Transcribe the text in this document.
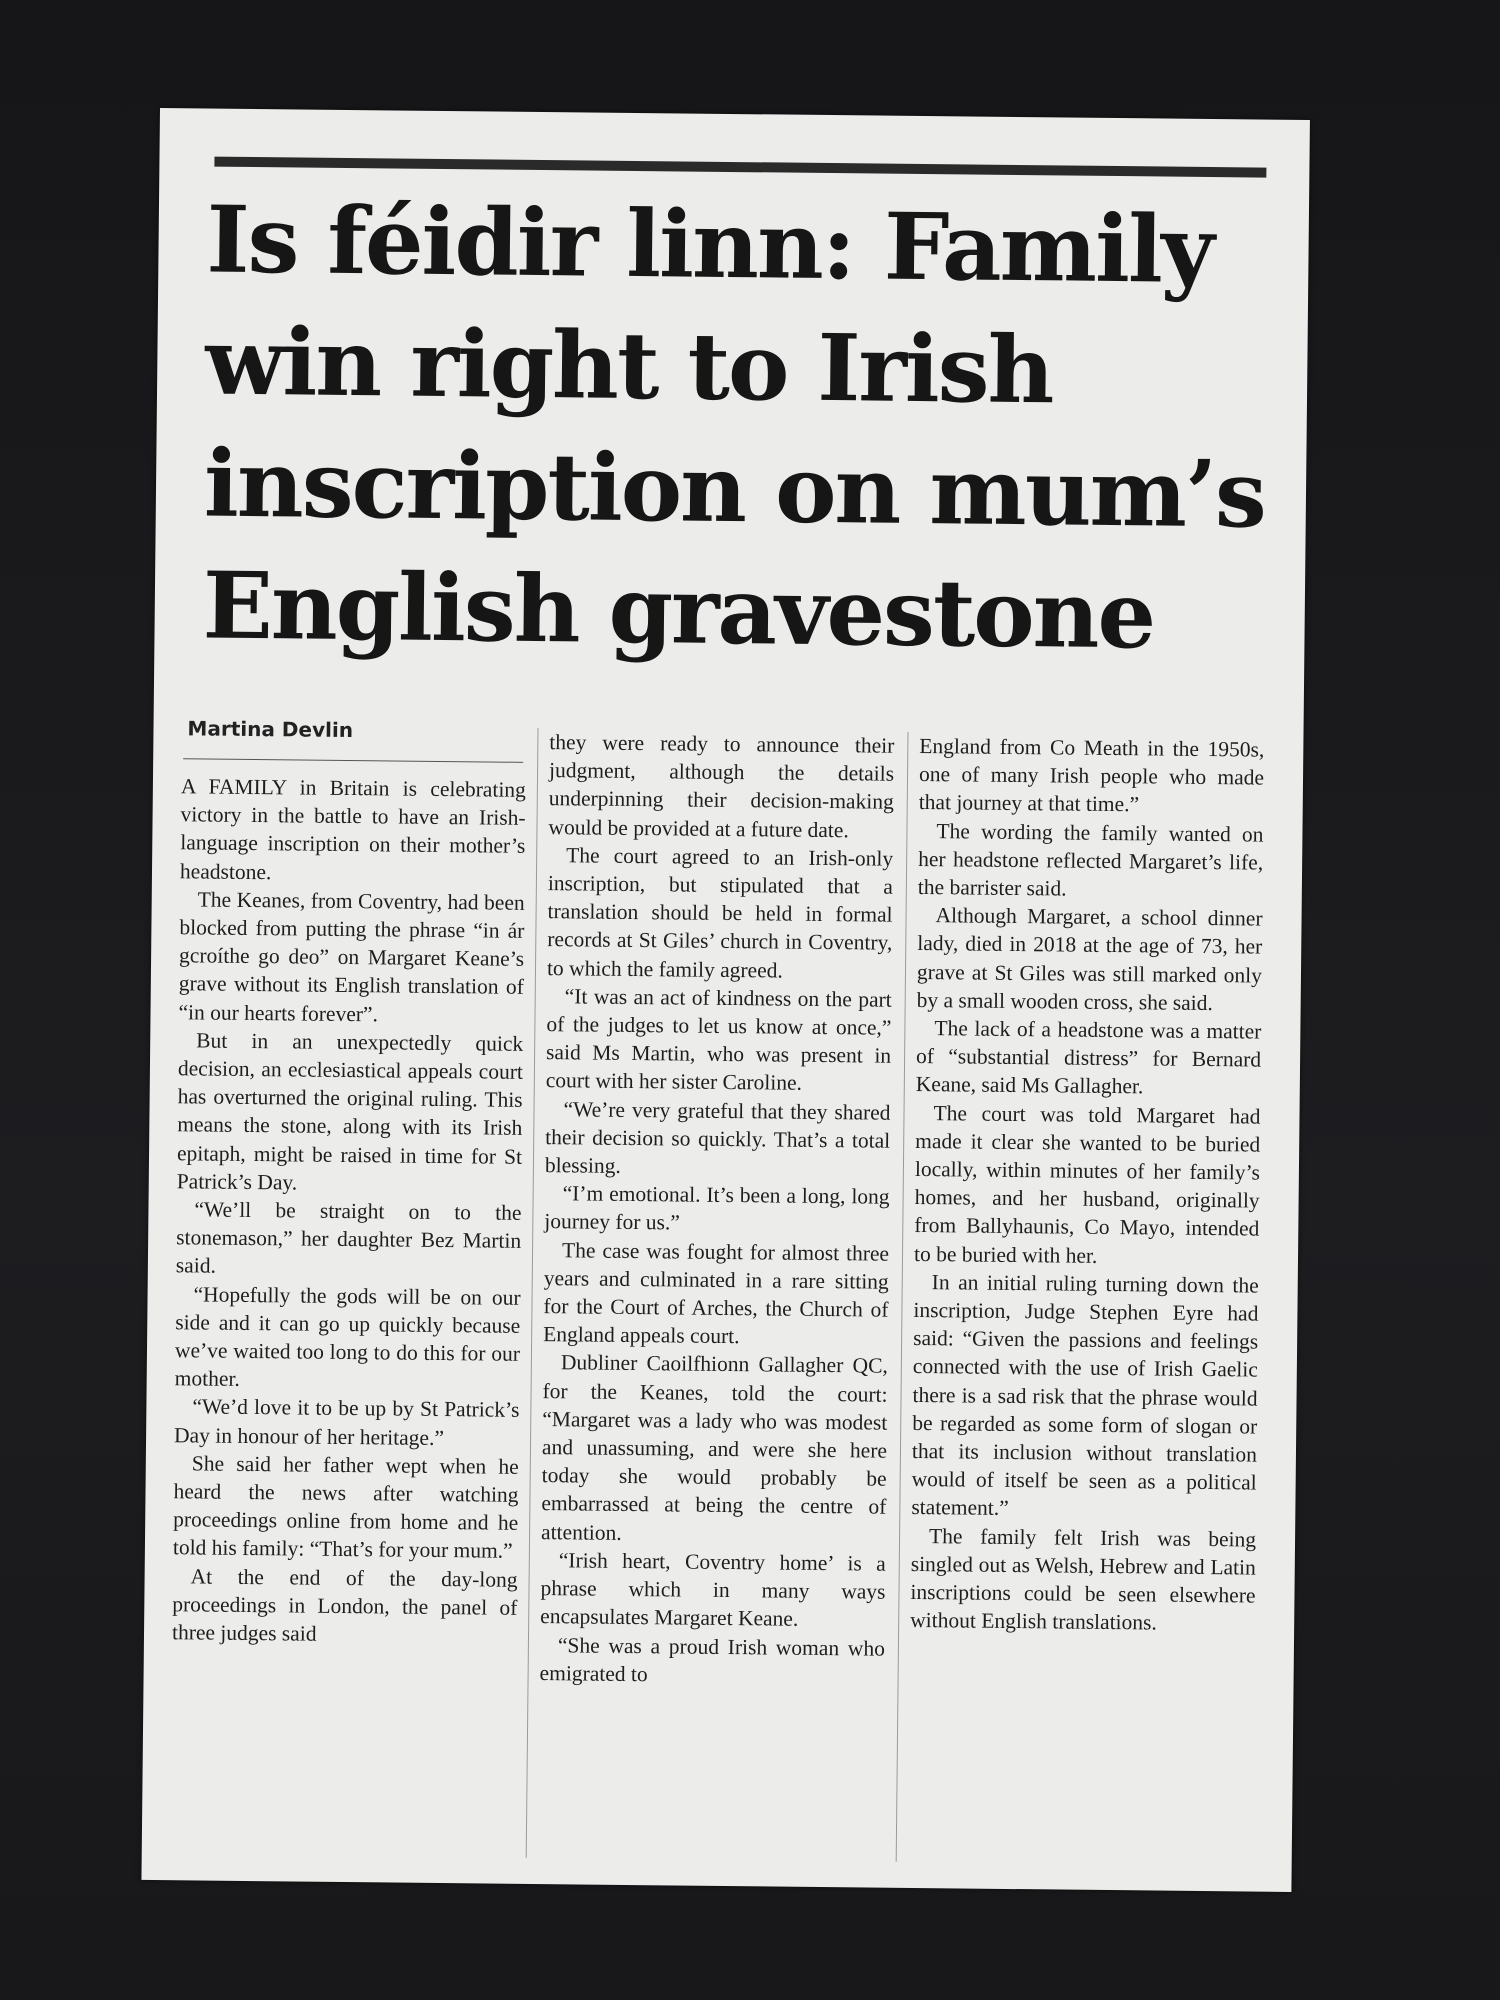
Is féidir linn: Family win right to Irish inscription on mum’s English gravestone
Martina Devlin

A FAMILY in Britain is celebrating victory in the battle to have an Irish-language inscription on their mother’s headstone.

The Keanes, from Coventry, had been blocked from putting the phrase “in ár gcroíthe go deo” on Margaret Keane’s grave without its English translation of “in our hearts forever”.

But in an unexpectedly quick decision, an ecclesiastical appeals court has overturned the original ruling. This means the stone, along with its Irish epitaph, might be raised in time for St Patrick’s Day.

“We’ll be straight on to the stonemason,” her daughter Bez Martin said.

“Hopefully the gods will be on our side and it can go up quickly because we’ve waited too long to do this for our mother.

“We’d love it to be up by St Patrick’s Day in honour of her heritage.”

She said her father wept when he heard the news after watching proceedings online from home and he told his family: “That’s for your mum.”

At the end of the day-long proceedings in London, the panel of three judges said

they were ready to announce their judgment, although the details underpinning their decision-making would be provided at a future date.

The court agreed to an Irish-only inscription, but stipulated that a translation should be held in formal records at St Giles’ church in Coventry, to which the family agreed.

“It was an act of kindness on the part of the judges to let us know at once,” said Ms Martin, who was present in court with her sister Caroline.

“We’re very grateful that they shared their decision so quickly. That’s a total blessing.

“I’m emotional. It’s been a long, long journey for us.”

The case was fought for almost three years and culminated in a rare sitting for the Court of Arches, the Church of England appeals court.

Dubliner Caoilfhionn Gallagher QC, for the Keanes, told the court: “Margaret was a lady who was modest and unassuming, and were she here today she would probably be embarrassed at being the centre of attention.

“Irish heart, Coventry home’ is a phrase which in many ways encapsulates Margaret Keane.

“She was a proud Irish woman who emigrated to

England from Co Meath in the 1950s, one of many Irish people who made that journey at that time.”

The wording the family wanted on her headstone reflected Margaret’s life, the barrister said.

Although Margaret, a school dinner lady, died in 2018 at the age of 73, her grave at St Giles was still marked only by a small wooden cross, she said.

The lack of a headstone was a matter of “substantial distress” for Bernard Keane, said Ms Gallagher.

The court was told Margaret had made it clear she wanted to be buried locally, within minutes of her family’s homes, and her husband, originally from Ballyhaunis, Co Mayo, intended to be buried with her.

In an initial ruling turning down the inscription, Judge Stephen Eyre had said: “Given the passions and feelings connected with the use of Irish Gaelic there is a sad risk that the phrase would be regarded as some form of slogan or that its inclusion without translation would of itself be seen as a political statement.”

The family felt Irish was being singled out as Welsh, Hebrew and Latin inscriptions could be seen elsewhere without English translations.
